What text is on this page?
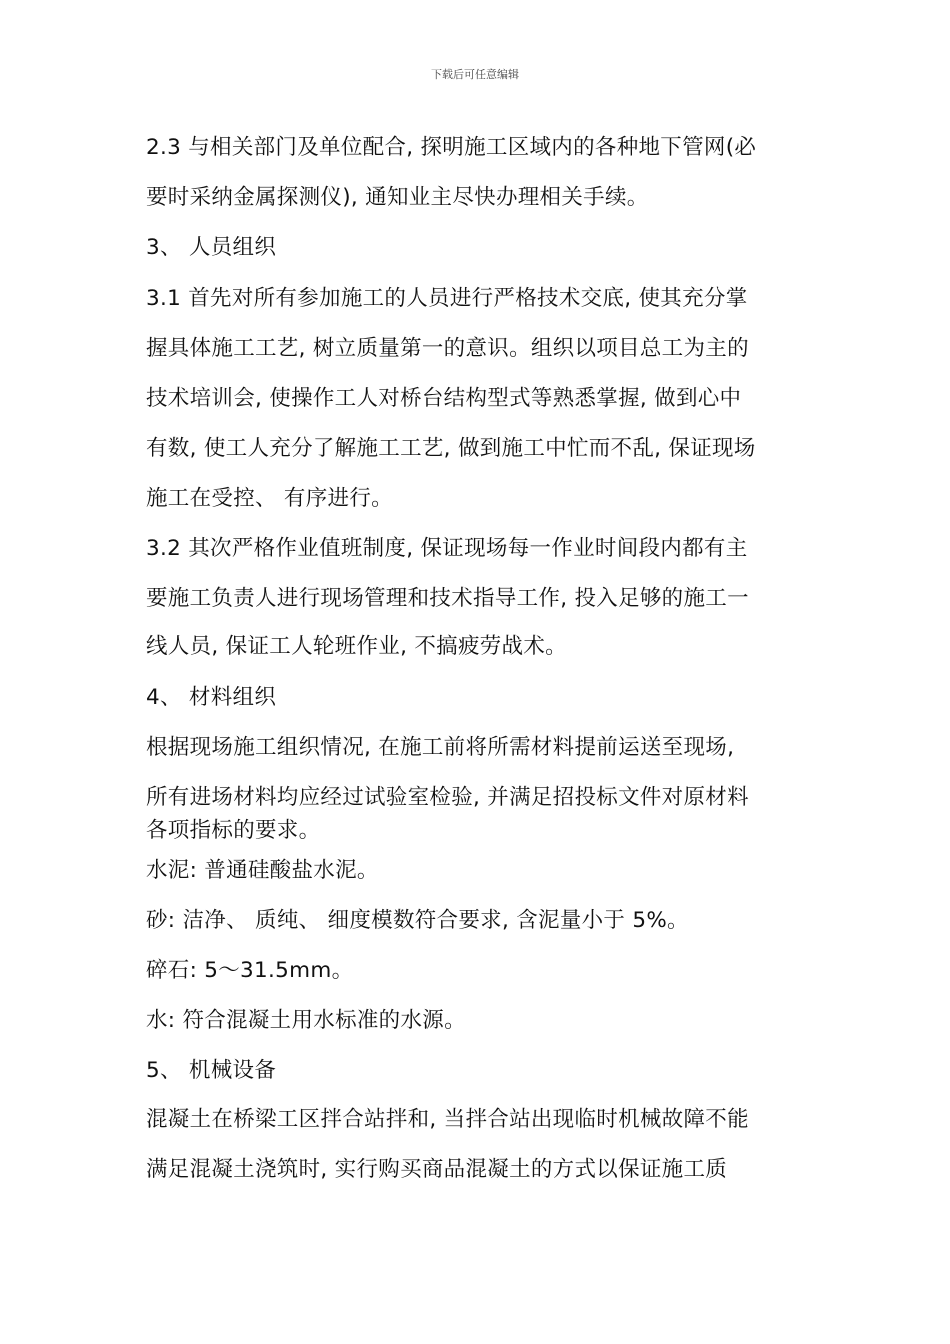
下载后可任意编辑
2.3 与相关部门及单位配合, 探明施工区域内的各种地下管网(必
要时采纳金属探测仪), 通知业主尽快办理相关手续。
3、 人员组织
3.1 首先对所有参加施工的人员进行严格技术交底, 使其充分掌
握具体施工工艺, 树立质量第一的意识。组织以项目总工为主的
技术培训会, 使操作工人对桥台结构型式等熟悉掌握, 做到心中
有数, 使工人充分了解施工工艺, 做到施工中忙而不乱, 保证现场
施工在受控、 有序进行。
3.2 其次严格作业值班制度, 保证现场每一作业时间段内都有主
要施工负责人进行现场管理和技术指导工作, 投入足够的施工一
线人员, 保证工人轮班作业, 不搞疲劳战术。
4、 材料组织
根据现场施工组织情况, 在施工前将所需材料提前运送至现场,
所有进场材料均应经过试验室检验, 并满足招投标文件对原材料
各项指标的要求。
水泥: 普通硅酸盐水泥。
砂: 洁净、 质纯、 细度模数符合要求, 含泥量小于 5%。
碎石: 5～31.5mm。
水: 符合混凝土用水标准的水源。
5、 机械设备
混凝土在桥梁工区拌合站拌和, 当拌合站出现临时机械故障不能
满足混凝土浇筑时, 实行购买商品混凝土的方式以保证施工质
